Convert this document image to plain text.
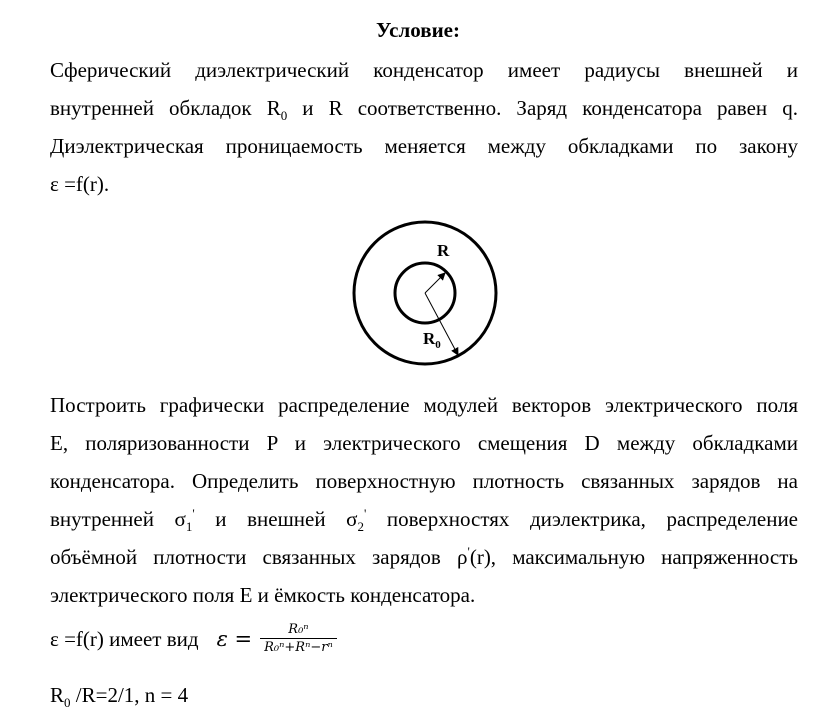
Условие:
Сферический диэлектрический конденсатор имеет радиусы внешней и
внутренней обкладок $R_0$ и R соответственно. Заряд конденсатора равен q.
Диэлектрическая проницаемость меняется между обкладками по закону
ε =f(r).
R
$R_0$
Построить графически распределение модулей векторов электрического поля
E, поляризованности P и электрического смещения D между обкладками
конденсатора. Определить поверхностную плотность связанных зарядов на
внутренней $\sigma_1'$ и внешней $\sigma_2'$ поверхностях диэлектрика, распределение
объёмной плотности связанных зарядов ρ'(r), максимальную напряженность
электрического поля E и ёмкость конденсатора.
ε =f(r) имеет вид $\varepsilon = \frac{\text{R₀ⁿ}}{\text{R₀ⁿ+Rⁿ−rⁿ}}$
$R_0$ /R=2/1, n = 4
